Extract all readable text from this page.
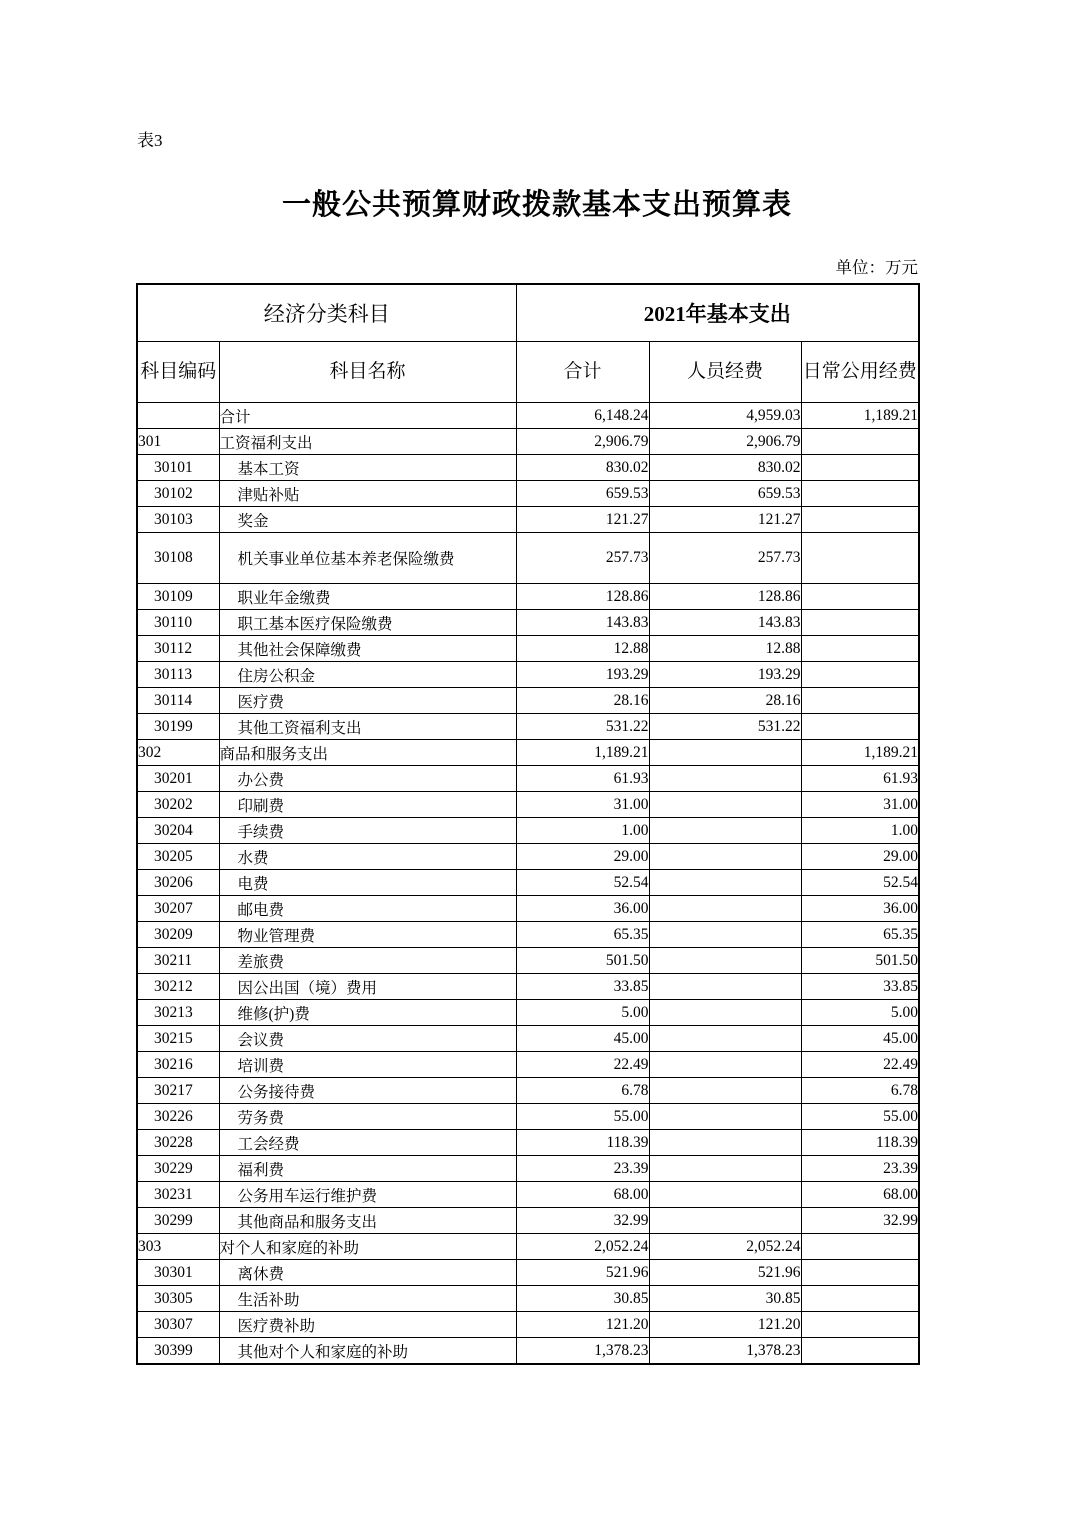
表3
一般公共预算财政拨款基本支出预算表
单位：万元
经济分类科目		2021年基本支出		
科目编码	科目名称	合计	人员经费	日常公用经费
	合计	6,148.24	4,959.03	1,189.21
301	工资福利支出	2,906.79	2,906.79	
30101	基本工资	830.02	830.02	
30102	津贴补贴	659.53	659.53	
30103	奖金	121.27	121.27	
30108	机关事业单位基本养老保险缴费	257.73	257.73	
30109	职业年金缴费	128.86	128.86	
30110	职工基本医疗保险缴费	143.83	143.83	
30112	其他社会保障缴费	12.88	12.88	
30113	住房公积金	193.29	193.29	
30114	医疗费	28.16	28.16	
30199	其他工资福利支出	531.22	531.22	
302	商品和服务支出	1,189.21		1,189.21
30201	办公费	61.93		61.93
30202	印刷费	31.00		31.00
30204	手续费	1.00		1.00
30205	水费	29.00		29.00
30206	电费	52.54		52.54
30207	邮电费	36.00		36.00
30209	物业管理费	65.35		65.35
30211	差旅费	501.50		501.50
30212	因公出国（境）费用	33.85		33.85
30213	维修(护)费	5.00		5.00
30215	会议费	45.00		45.00
30216	培训费	22.49		22.49
30217	公务接待费	6.78		6.78
30226	劳务费	55.00		55.00
30228	工会经费	118.39		118.39
30229	福利费	23.39		23.39
30231	公务用车运行维护费	68.00		68.00
30299	其他商品和服务支出	32.99		32.99
303	对个人和家庭的补助	2,052.24	2,052.24	
30301	离休费	521.96	521.96	
30305	生活补助	30.85	30.85	
30307	医疗费补助	121.20	121.20	
30399	其他对个人和家庭的补助	1,378.23	1,378.23	
